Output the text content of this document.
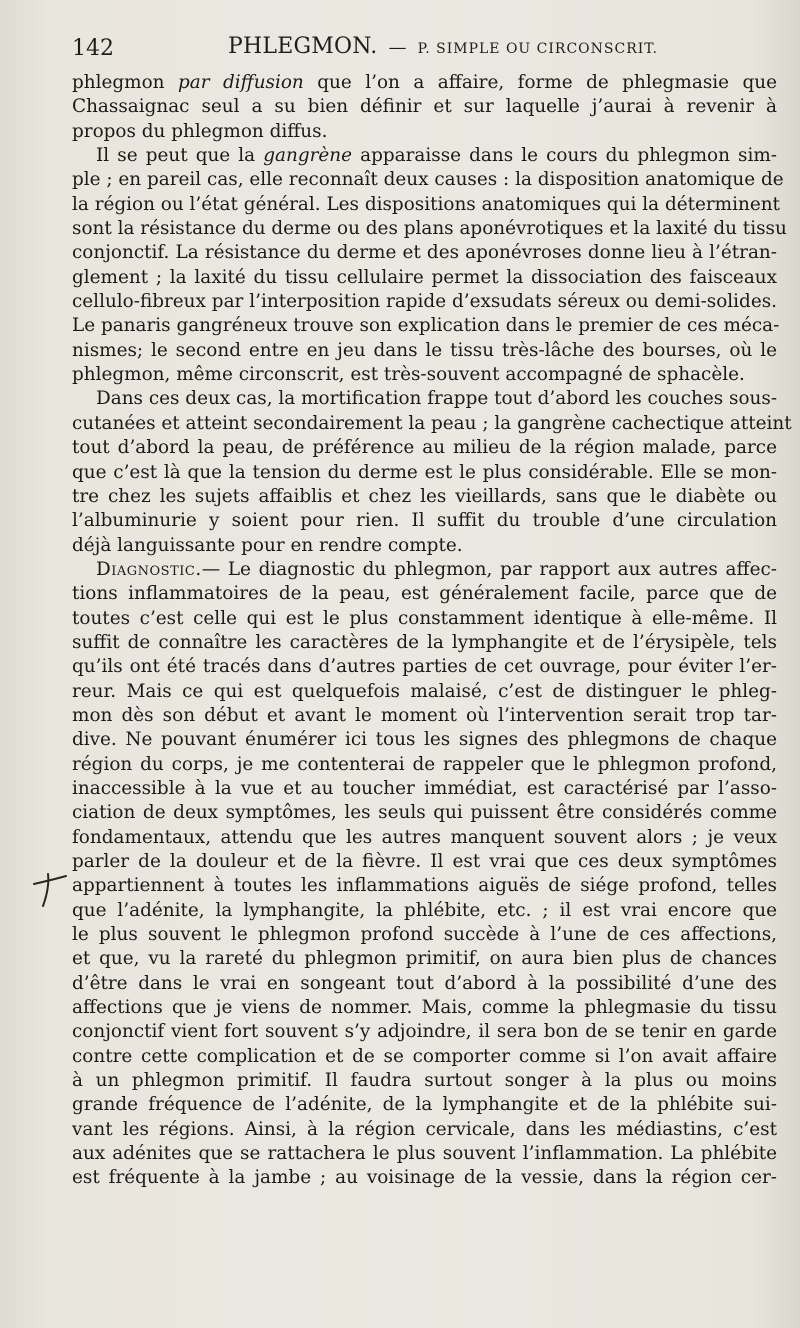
142	PHLEGMON. — P. SIMPLE OU CIRCONSCRIT.
phlegmon par diffusion que l’on a affaire, forme de phlegmasie que
Chassaignac seul a su bien définir et sur laquelle j’aurai à revenir à
propos du phlegmon diffus.
Il se peut que la gangrène apparaisse dans le cours du phlegmon sim-
ple ; en pareil cas, elle reconnaît deux causes : la disposition anatomique de
la région ou l’état général. Les dispositions anatomiques qui la déterminent
sont la résistance du derme ou des plans aponévrotiques et la laxité du tissu
conjonctif. La résistance du derme et des aponévroses donne lieu à l’étran-
glement ; la laxité du tissu cellulaire permet la dissociation des faisceaux
cellulo-fibreux par l’interposition rapide d’exsudats séreux ou demi-solides.
Le panaris gangréneux trouve son explication dans le premier de ces méca-
nismes; le second entre en jeu dans le tissu très-lâche des bourses, où le
phlegmon, même circonscrit, est très-souvent accompagné de sphacèle.
Dans ces deux cas, la mortification frappe tout d’abord les couches sous-
cutanées et atteint secondairement la peau ; la gangrène cachectique atteint
tout d’abord la peau, de préférence au milieu de la région malade, parce
que c’est là que la tension du derme est le plus considérable. Elle se mon-
tre chez les sujets affaiblis et chez les vieillards, sans que le diabète ou
l’albuminurie y soient pour rien. Il suffit du trouble d’une circulation
déjà languissante pour en rendre compte.
Diagnostic.— Le diagnostic du phlegmon, par rapport aux autres affec-
tions inflammatoires de la peau, est généralement facile, parce que de
toutes c’est celle qui est le plus constamment identique à elle-même. Il
suffit de connaître les caractères de la lymphangite et de l’érysipèle, tels
qu’ils ont été tracés dans d’autres parties de cet ouvrage, pour éviter l’er-
reur. Mais ce qui est quelquefois malaisé, c’est de distinguer le phleg-
mon dès son début et avant le moment où l’intervention serait trop tar-
dive. Ne pouvant énumérer ici tous les signes des phlegmons de chaque
région du corps, je me contenterai de rappeler que le phlegmon profond,
inaccessible à la vue et au toucher immédiat, est caractérisé par l’asso-
ciation de deux symptômes, les seuls qui puissent être considérés comme
fondamentaux, attendu que les autres manquent souvent alors ; je veux
parler de la douleur et de la fièvre. Il est vrai que ces deux symptômes
appartiennent à toutes les inflammations aiguës de siége profond, telles
que l’adénite, la lymphangite, la phlébite, etc. ; il est vrai encore que
le plus souvent le phlegmon profond succède à l’une de ces affections,
et que, vu la rareté du phlegmon primitif, on aura bien plus de chances
d’être dans le vrai en songeant tout d’abord à la possibilité d’une des
affections que je viens de nommer. Mais, comme la phlegmasie du tissu
conjonctif vient fort souvent s’y adjoindre, il sera bon de se tenir en garde
contre cette complication et de se comporter comme si l’on avait affaire
à un phlegmon primitif. Il faudra surtout songer à la plus ou moins
grande fréquence de l’adénite, de la lymphangite et de la phlébite sui-
vant les régions. Ainsi, à la région cervicale, dans les médiastins, c’est
aux adénites que se rattachera le plus souvent l’inflammation. La phlébite
est fréquente à la jambe ; au voisinage de la vessie, dans la région cer-
